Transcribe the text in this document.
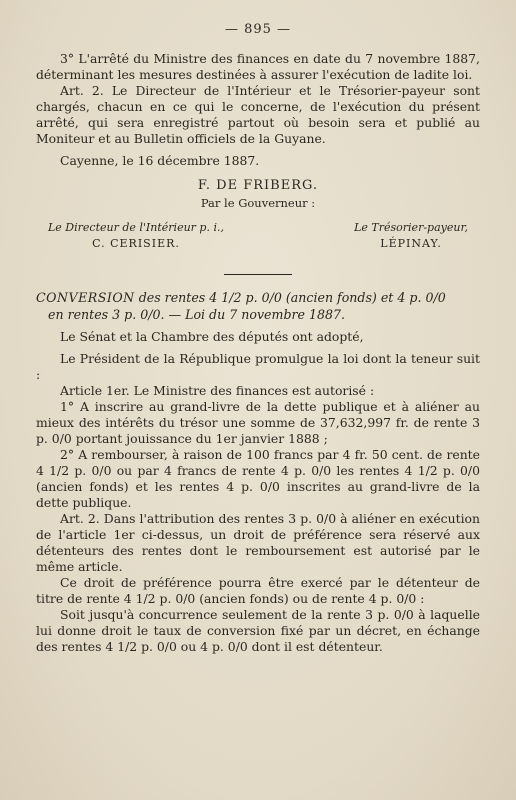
— 895 —

3° L'arrêté du Ministre des finances en date du 7 novembre 1887, déterminant les mesures destinées à assurer l'exécution de ladite loi.

Art. 2. Le Directeur de l'Intérieur et le Trésorier-payeur sont chargés, chacun en ce qui le concerne, de l'exécution du présent arrêté, qui sera enregistré partout où besoin sera et publié au Moniteur et au Bulletin officiels de la Guyane.

Cayenne, le 16 décembre 1887.
F. DE FRIBERG.
Par le Gouverneur :
Le Directeur de l'Intérieur p. i.,
C. CERISIER.
Le Trésorier-payeur,
LÉPINAY.

CONVERSION des rentes 4 1/2 p. 0/0 (ancien fonds) et 4 p. 0/0
en rentes 3 p. 0/0. — Loi du 7 novembre 1887.

Le Sénat et la Chambre des députés ont adopté,

Le Président de la République promulgue la loi dont la teneur suit :

Article 1er. Le Ministre des finances est autorisé :

1° A inscrire au grand-livre de la dette publique et à aliéner au mieux des intérêts du trésor une somme de 37,632,997 fr. de rente 3 p. 0/0 portant jouissance du 1er janvier 1888 ;

2° A rembourser, à raison de 100 francs par 4 fr. 50 cent. de rente 4 1/2 p. 0/0 ou par 4 francs de rente 4 p. 0/0 les rentes 4 1/2 p. 0/0 (ancien fonds) et les rentes 4 p. 0/0 inscrites au grand-livre de la dette publique.

Art. 2. Dans l'attribution des rentes 3 p. 0/0 à aliéner en exécution de l'article 1er ci-dessus, un droit de préférence sera réservé aux détenteurs des rentes dont le remboursement est autorisé par le même article.

Ce droit de préférence pourra être exercé par le détenteur de titre de rente 4 1/2 p. 0/0 (ancien fonds) ou de rente 4 p. 0/0 :

Soit jusqu'à concurrence seulement de la rente 3 p. 0/0 à laquelle lui donne droit le taux de conversion fixé par un décret, en échange des rentes 4 1/2 p. 0/0 ou 4 p. 0/0 dont il est détenteur.
